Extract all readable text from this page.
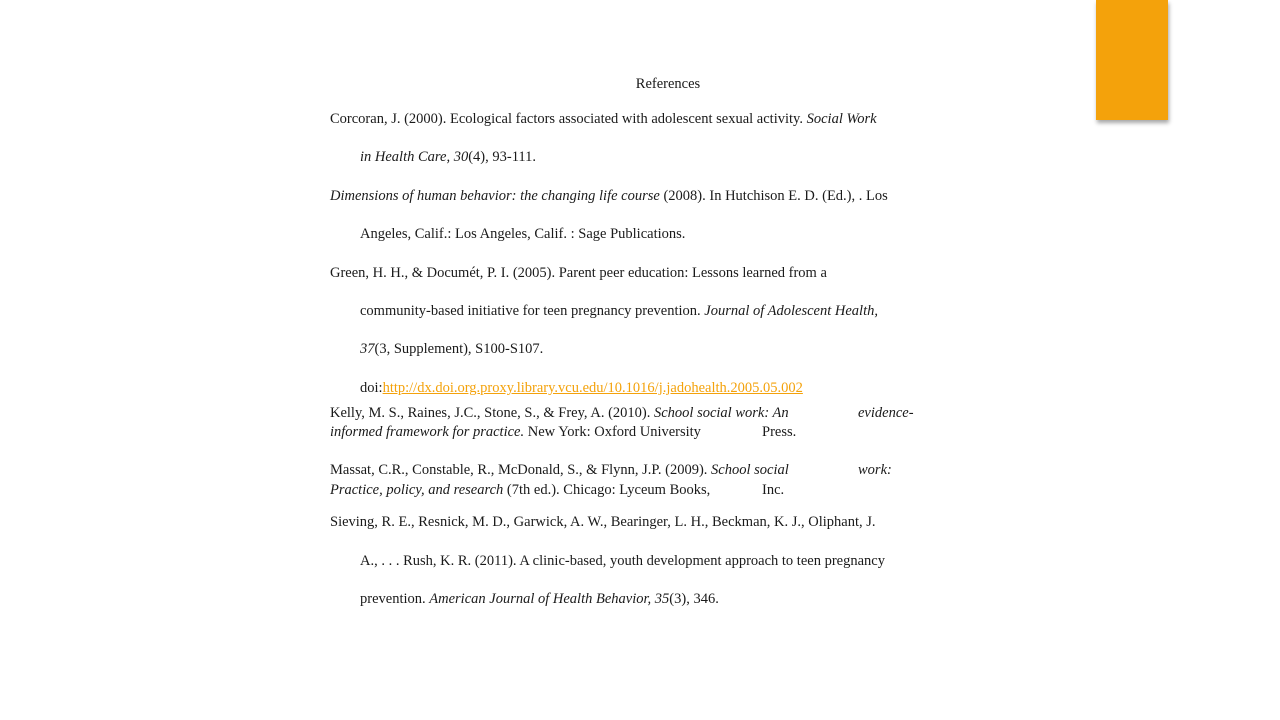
References
Corcoran, J. (2000). Ecological factors associated with adolescent sexual activity. Social Work
in Health Care, 30(4), 93-111.
Dimensions of human behavior: the changing life course (2008). In Hutchison E. D. (Ed.), . Los
Angeles, Calif.: Los Angeles, Calif. : Sage Publications.
Green, H. H., & Documét, P. I. (2005). Parent peer education: Lessons learned from a
community-based initiative for teen pregnancy prevention. Journal of Adolescent Health,
37(3, Supplement), S100-S107.
doi:http://dx.doi.org.proxy.library.vcu.edu/10.1016/j.jadohealth.2005.05.002
Kelly, M. S., Raines, J.C., Stone, S., & Frey, A. (2010). School social work: An	evidence-
informed framework for practice. New York: Oxford University	Press.
Massat, C.R., Constable, R., McDonald, S., & Flynn, J.P. (2009). School social	work:
Practice, policy, and research (7th ed.). Chicago: Lyceum Books,	Inc.
Sieving, R. E., Resnick, M. D., Garwick, A. W., Bearinger, L. H., Beckman, K. J., Oliphant, J.
A., . . . Rush, K. R. (2011). A clinic-based, youth development approach to teen pregnancy
prevention. American Journal of Health Behavior, 35(3), 346.
